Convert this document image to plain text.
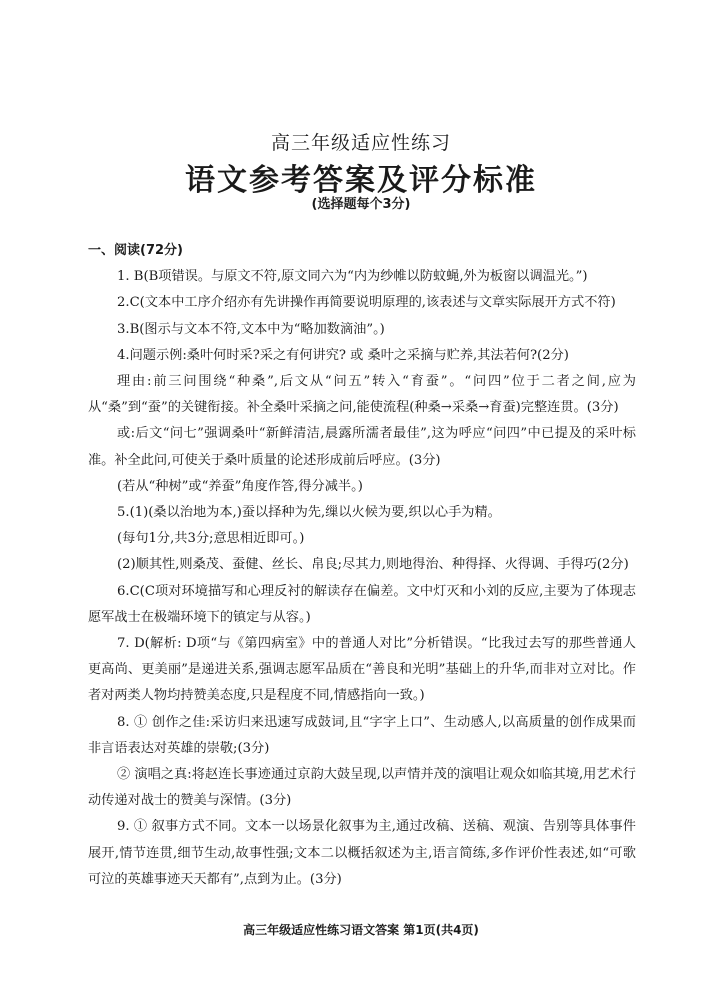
高三年级适应性练习
语文参考答案及评分标准
(选择题每个3分)

一、阅读(72分)

1. B(B项错误。与原文不符,原文同六为“内为纱帷以防蚊蝇,外为板窗以调温光。”)

2.C(文本中工序介绍亦有先讲操作再简要说明原理的,该表述与文章实际展开方式不符)

3.B(图示与文本不符,文本中为“略加数滴油”。)

4.问题示例:桑叶何时采?采之有何讲究? 或 桑叶之采摘与贮养,其法若何?(2分)

理由:前三问围绕“种桑”,后文从“问五”转入“育蚕”。“问四”位于二者之间,应为从“桑”到“蚕”的关键衔接。补全桑叶采摘之问,能使流程(种桑→采桑→育蚕)完整连贯。(3分)

或:后文“问七”强调桑叶“新鲜清洁,晨露所濡者最佳”,这为呼应“问四”中已提及的采叶标准。补全此问,可使关于桑叶质量的论述形成前后呼应。(3分)

(若从“种树”或“养蚕”角度作答,得分减半。)

5.(1)(桑以治地为本,)蚕以择种为先,缫以火候为要,织以心手为精。

(每句1分,共3分;意思相近即可。)

(2)顺其性,则桑茂、蚕健、丝长、帛良;尽其力,则地得治、种得择、火得调、手得巧(2分)

6.C(C项对环境描写和心理反衬的解读存在偏差。文中灯灭和小刘的反应,主要为了体现志愿军战士在极端环境下的镇定与从容。)

7. D(解析: D项“与《第四病室》中的普通人对比”分析错误。“比我过去写的那些普通人更高尚、更美丽”是递进关系,强调志愿军品质在“善良和光明”基础上的升华,而非对立对比。作者对两类人物均持赞美态度,只是程度不同,情感指向一致。)

8. ① 创作之佳:采访归来迅速写成鼓词,且“字字上口”、生动感人,以高质量的创作成果而非言语表达对英雄的崇敬;(3分)

② 演唱之真:将赵连长事迹通过京韵大鼓呈现,以声情并茂的演唱让观众如临其境,用艺术行动传递对战士的赞美与深情。(3分)

9. ① 叙事方式不同。文本一以场景化叙事为主,通过改稿、送稿、观演、告别等具体事件展开,情节连贯,细节生动,故事性强;文本二以概括叙述为主,语言简练,多作评价性表述,如“可歌可泣的英雄事迹天天都有”,点到为止。(3分)

高三年级适应性练习语文答案 第1页(共4页)
